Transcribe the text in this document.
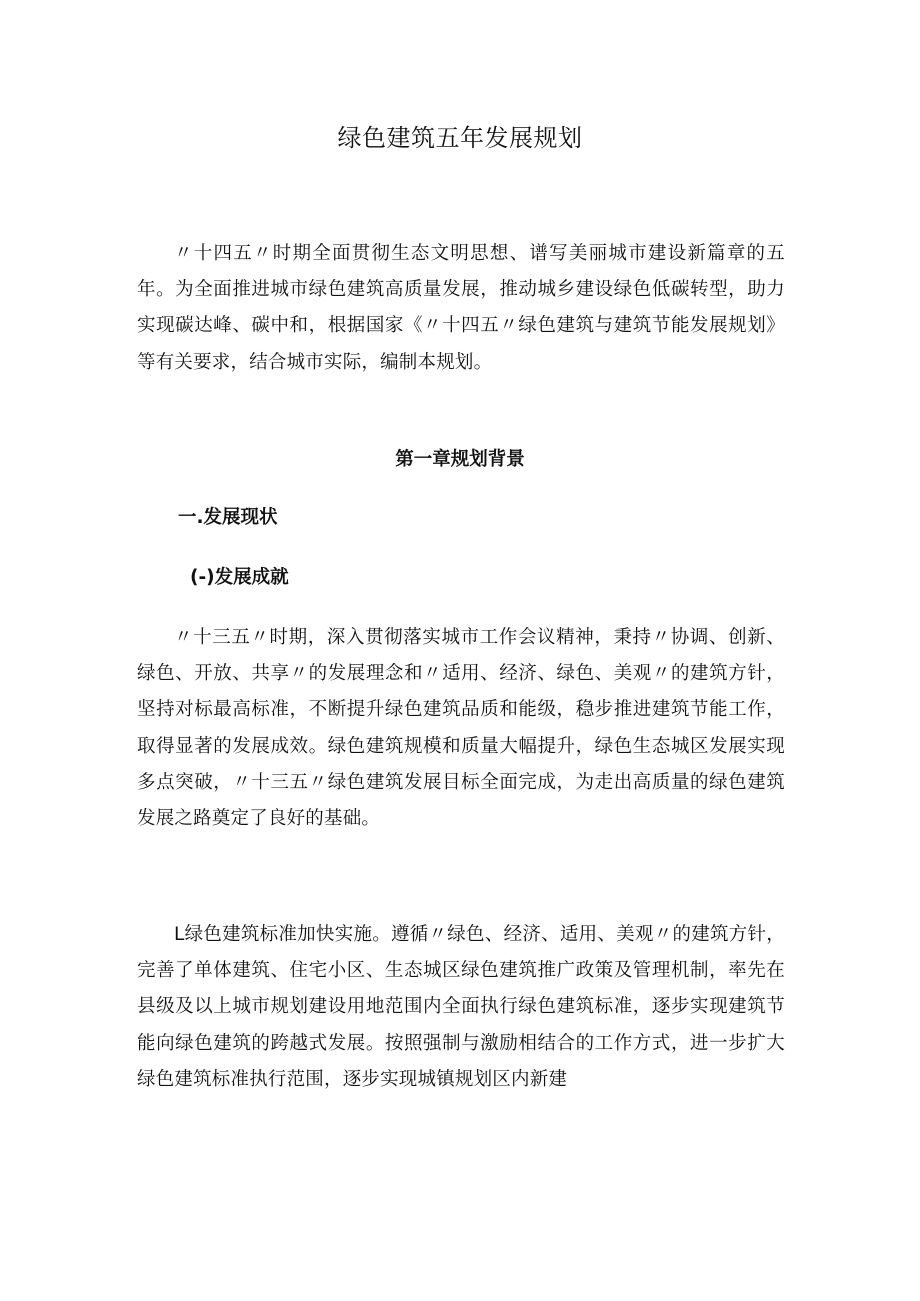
绿色建筑五年发展规划

〃十四五〃时期全面贯彻生态文明思想、谱写美丽城市建设新篇章的五年。为全面推进城市绿色建筑高质量发展，推动城乡建设绿色低碳转型，助力实现碳达峰、碳中和，根据国家《〃十四五〃绿色建筑与建筑节能发展规划》等有关要求，结合城市实际，编制本规划。

第一章规划背景
一.发展现状
(-)发展成就

〃十三五〃时期，深入贯彻落实城市工作会议精神，秉持〃协调、创新、绿色、开放、共享〃的发展理念和〃适用、经济、绿色、美观〃的建筑方针，坚持对标最高标准，不断提升绿色建筑品质和能级，稳步推进建筑节能工作，取得显著的发展成效。绿色建筑规模和质量大幅提升，绿色生态城区发展实现多点突破，〃十三五〃绿色建筑发展目标全面完成，为走出高质量的绿色建筑发展之路奠定了良好的基础。

L绿色建筑标准加快实施。遵循〃绿色、经济、适用、美观〃的建筑方针，完善了单体建筑、住宅小区、生态城区绿色建筑推广政策及管理机制，率先在县级及以上城市规划建设用地范围内全面执行绿色建筑标准，逐步实现建筑节能向绿色建筑的跨越式发展。按照强制与激励相结合的工作方式，进一步扩大绿色建筑标准执行范围，逐步实现城镇规划区内新建
